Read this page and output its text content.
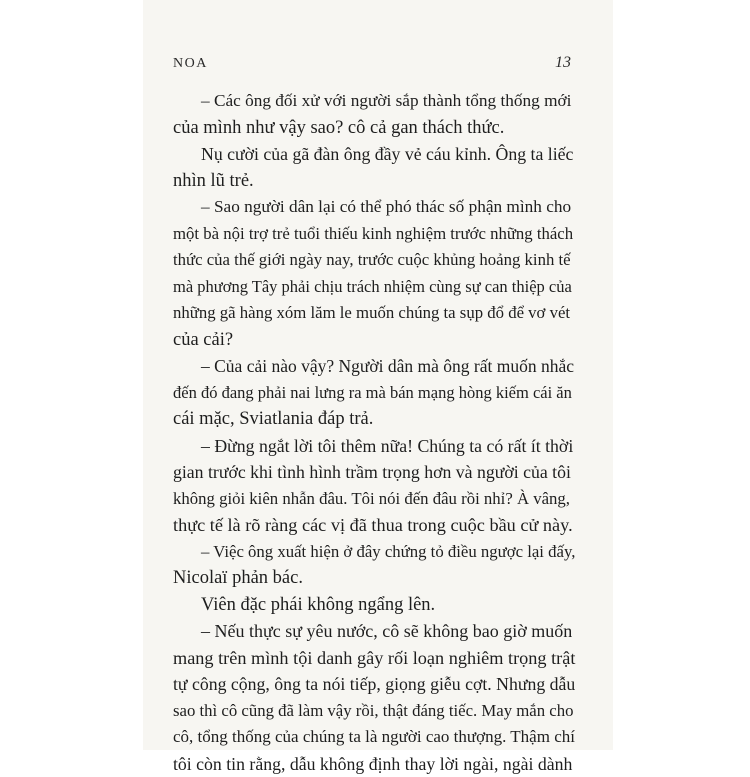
NOA	13
– Các ông đối xử với người sắp thành tổng thống mới
của mình như vậy sao? cô cả gan thách thức.
Nụ cười của gã đàn ông đầy vẻ cáu kỉnh. Ông ta liếc
nhìn lũ trẻ.
– Sao người dân lại có thể phó thác số phận mình cho
một bà nội trợ trẻ tuổi thiếu kinh nghiệm trước những thách
thức của thế giới ngày nay, trước cuộc khủng hoảng kinh tế
mà phương Tây phải chịu trách nhiệm cùng sự can thiệp của
những gã hàng xóm lăm le muốn chúng ta sụp đổ để vơ vét
của cải?
– Của cải nào vậy? Người dân mà ông rất muốn nhắc
đến đó đang phải nai lưng ra mà bán mạng hòng kiếm cái ăn
cái mặc, Sviatlania đáp trả.
– Đừng ngắt lời tôi thêm nữa! Chúng ta có rất ít thời
gian trước khi tình hình trầm trọng hơn và người của tôi
không giỏi kiên nhẫn đâu. Tôi nói đến đâu rồi nhỉ? À vâng,
thực tế là rõ ràng các vị đã thua trong cuộc bầu cử này.
– Việc ông xuất hiện ở đây chứng tỏ điều ngược lại đấy,
Nicolaï phản bác.
Viên đặc phái không ngẩng lên.
– Nếu thực sự yêu nước, cô sẽ không bao giờ muốn
mang trên mình tội danh gây rối loạn nghiêm trọng trật
tự công cộng, ông ta nói tiếp, giọng giễu cợt. Nhưng dẫu
sao thì cô cũng đã làm vậy rồi, thật đáng tiếc. May mắn cho
cô, tổng thống của chúng ta là người cao thượng. Thậm chí
tôi còn tin rằng, dẫu không định thay lời ngài, ngài dành
